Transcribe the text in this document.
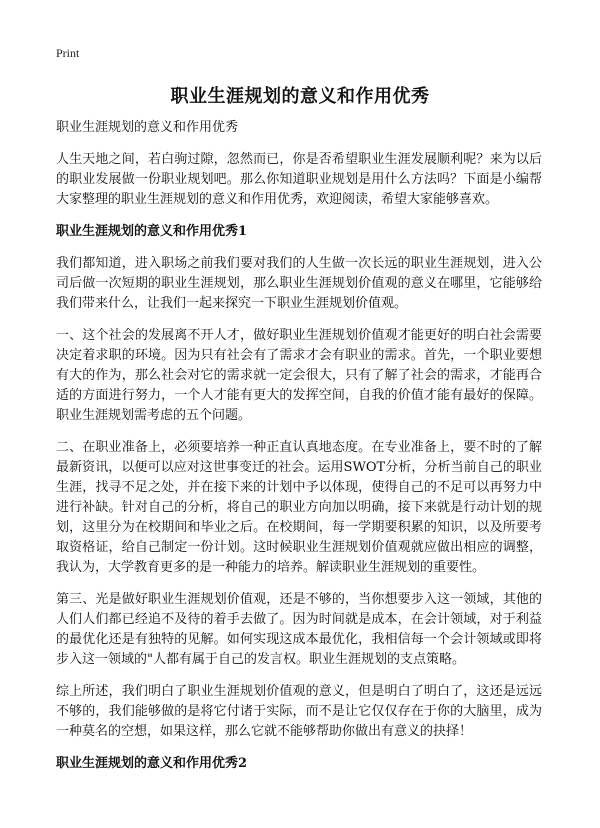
Print
职业生涯规划的意义和作用优秀

职业生涯规划的意义和作用优秀

人生天地之间，若白驹过隙，忽然而已，你是否希望职业生涯发展顺利呢？来为以后的职业发展做一份职业规划吧。那么你知道职业规划是用什么方法吗？下面是小编帮大家整理的职业生涯规划的意义和作用优秀，欢迎阅读，希望大家能够喜欢。

职业生涯规划的意义和作用优秀1

我们都知道，进入职场之前我们要对我们的人生做一次长远的职业生涯规划，进入公司后做一次短期的职业生涯规划，那么职业生涯规划价值观的意义在哪里，它能够给我们带来什么，让我们一起来探究一下职业生涯规划价值观。

一、这个社会的发展离不开人才，做好职业生涯规划价值观才能更好的明白社会需要决定着求职的环境。因为只有社会有了需求才会有职业的需求。首先，一个职业要想有大的作为，那么社会对它的需求就一定会很大，只有了解了社会的需求，才能再合适的方面进行努力，一个人才能有更大的发挥空间，自我的价值才能有最好的保障。职业生涯规划需考虑的五个问题。

二、在职业准备上，必须要培养一种正直认真地态度。在专业准备上，要不时的了解最新资讯，以便可以应对这世事变迁的社会。运用SWOT分析，分析当前自己的职业生涯，找寻不足之处，并在接下来的计划中予以体现，使得自己的不足可以再努力中进行补缺。针对自己的分析，将自己的职业方向加以明确，接下来就是行动计划的规划，这里分为在校期间和毕业之后。在校期间，每一学期要积累的知识，以及所要考取资格证，给自己制定一份计划。这时候职业生涯规划价值观就应做出相应的调整，我认为，大学教育更多的是一种能力的培养。解读职业生涯规划的重要性。

第三、光是做好职业生涯规划价值观，还是不够的，当你想要步入这一领域，其他的人们人们都已经追不及待的着手去做了。因为时间就是成本，在会计领域，对于利益的最优化还是有独特的见解。如何实现这成本最优化，我相信每一个会计领域或即将步入这一领域的"人都有属于自己的发言权。职业生涯规划的支点策略。

综上所述，我们明白了职业生涯规划价值观的意义，但是明白了明白了，这还是远远不够的，我们能够做的是将它付诸于实际，而不是让它仅仅存在于你的大脑里，成为一种莫名的空想，如果这样，那么它就不能够帮助你做出有意义的抉择！

职业生涯规划的意义和作用优秀2
